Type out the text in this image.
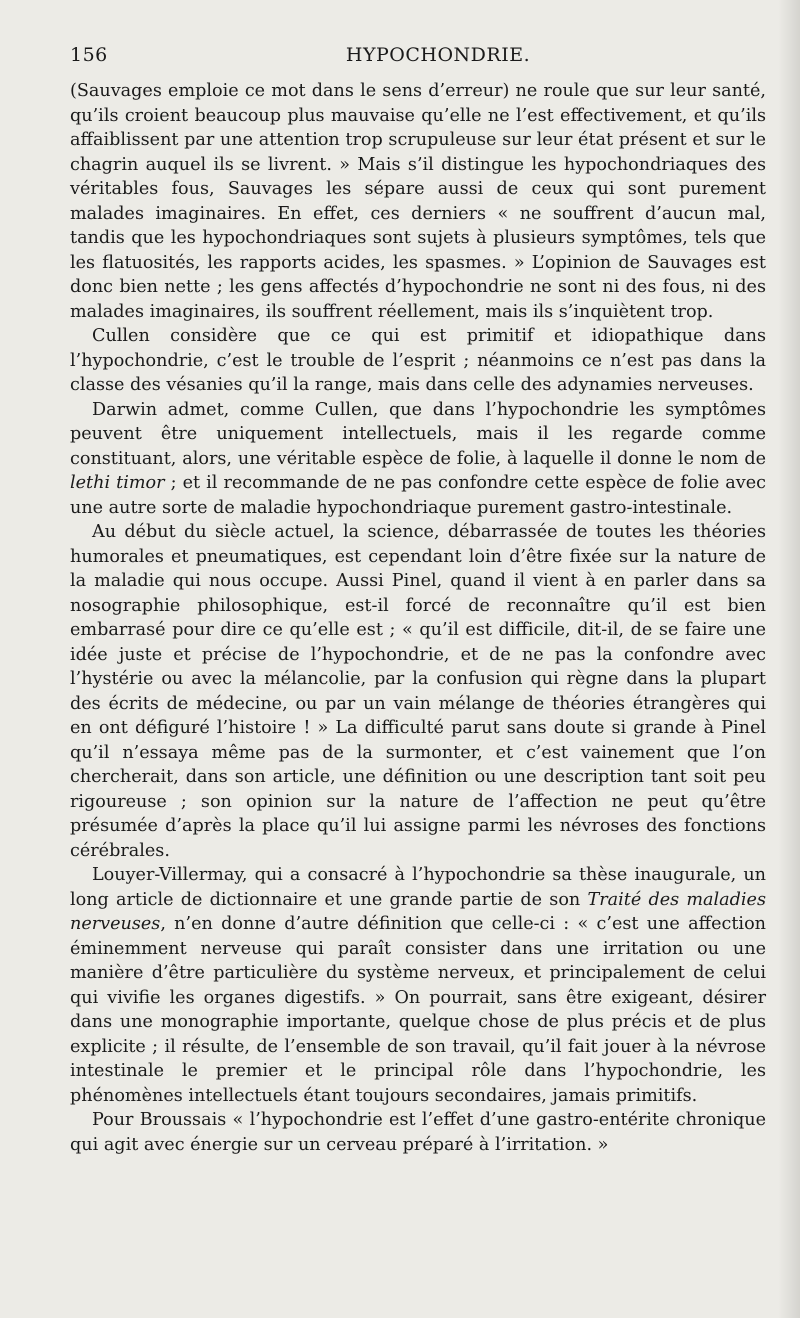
156	HYPOCHONDRIE.

(Sauvages emploie ce mot dans le sens d’erreur) ne roule que sur leur santé, qu’ils croient beaucoup plus mauvaise qu’elle ne l’est effectivement, et qu’ils affaiblissent par une attention trop scrupuleuse sur leur état présent et sur le chagrin auquel ils se livrent. » Mais s’il distingue les hypochondriaques des véritables fous, Sauvages les sépare aussi de ceux qui sont purement malades imaginaires. En effet, ces derniers « ne souffrent d’aucun mal, tandis que les hypochondriaques sont sujets à plusieurs symptômes, tels que les flatuosités, les rapports acides, les spasmes. » L’opinion de Sauvages est donc bien nette ; les gens affectés d’hypochondrie ne sont ni des fous, ni des malades imaginaires, ils souffrent réellement, mais ils s’inquiètent trop.

Cullen considère que ce qui est primitif et idiopathique dans l’hypochondrie, c’est le trouble de l’esprit ; néanmoins ce n’est pas dans la classe des vésanies qu’il la range, mais dans celle des adynamies nerveuses.

Darwin admet, comme Cullen, que dans l’hypochondrie les symptômes peuvent être uniquement intellectuels, mais il les regarde comme constituant, alors, une véritable espèce de folie, à laquelle il donne le nom de lethi timor ; et il recommande de ne pas confondre cette espèce de folie avec une autre sorte de maladie hypochondriaque purement gastro-intestinale.

Au début du siècle actuel, la science, débarrassée de toutes les théories humorales et pneumatiques, est cependant loin d’être fixée sur la nature de la maladie qui nous occupe. Aussi Pinel, quand il vient à en parler dans sa nosographie philosophique, est-il forcé de reconnaître qu’il est bien embarrasé pour dire ce qu’elle est ; « qu’il est difficile, dit-il, de se faire une idée juste et précise de l’hypochondrie, et de ne pas la confondre avec l’hystérie ou avec la mélancolie, par la confusion qui règne dans la plupart des écrits de médecine, ou par un vain mélange de théories étrangères qui en ont défiguré l’histoire ! » La difficulté parut sans doute si grande à Pinel qu’il n’essaya même pas de la surmonter, et c’est vainement que l’on chercherait, dans son article, une définition ou une description tant soit peu rigoureuse ; son opinion sur la nature de l’affection ne peut qu’être présumée d’après la place qu’il lui assigne parmi les névroses des fonctions cérébrales.

Louyer-Villermay, qui a consacré à l’hypochondrie sa thèse inaugurale, un long article de dictionnaire et une grande partie de son Traité des maladies nerveuses, n’en donne d’autre définition que celle-ci : « c’est une affection éminemment nerveuse qui paraît consister dans une irritation ou une manière d’être particulière du système nerveux, et principalement de celui qui vivifie les organes digestifs. » On pourrait, sans être exigeant, désirer dans une monographie importante, quelque chose de plus précis et de plus explicite ; il résulte, de l’ensemble de son travail, qu’il fait jouer à la névrose intestinale le premier et le principal rôle dans l’hypochondrie, les phénomènes intellectuels étant toujours secondaires, jamais primitifs.

Pour Broussais « l’hypochondrie est l’effet d’une gastro-entérite chronique qui agit avec énergie sur un cerveau préparé à l’irritation. »
